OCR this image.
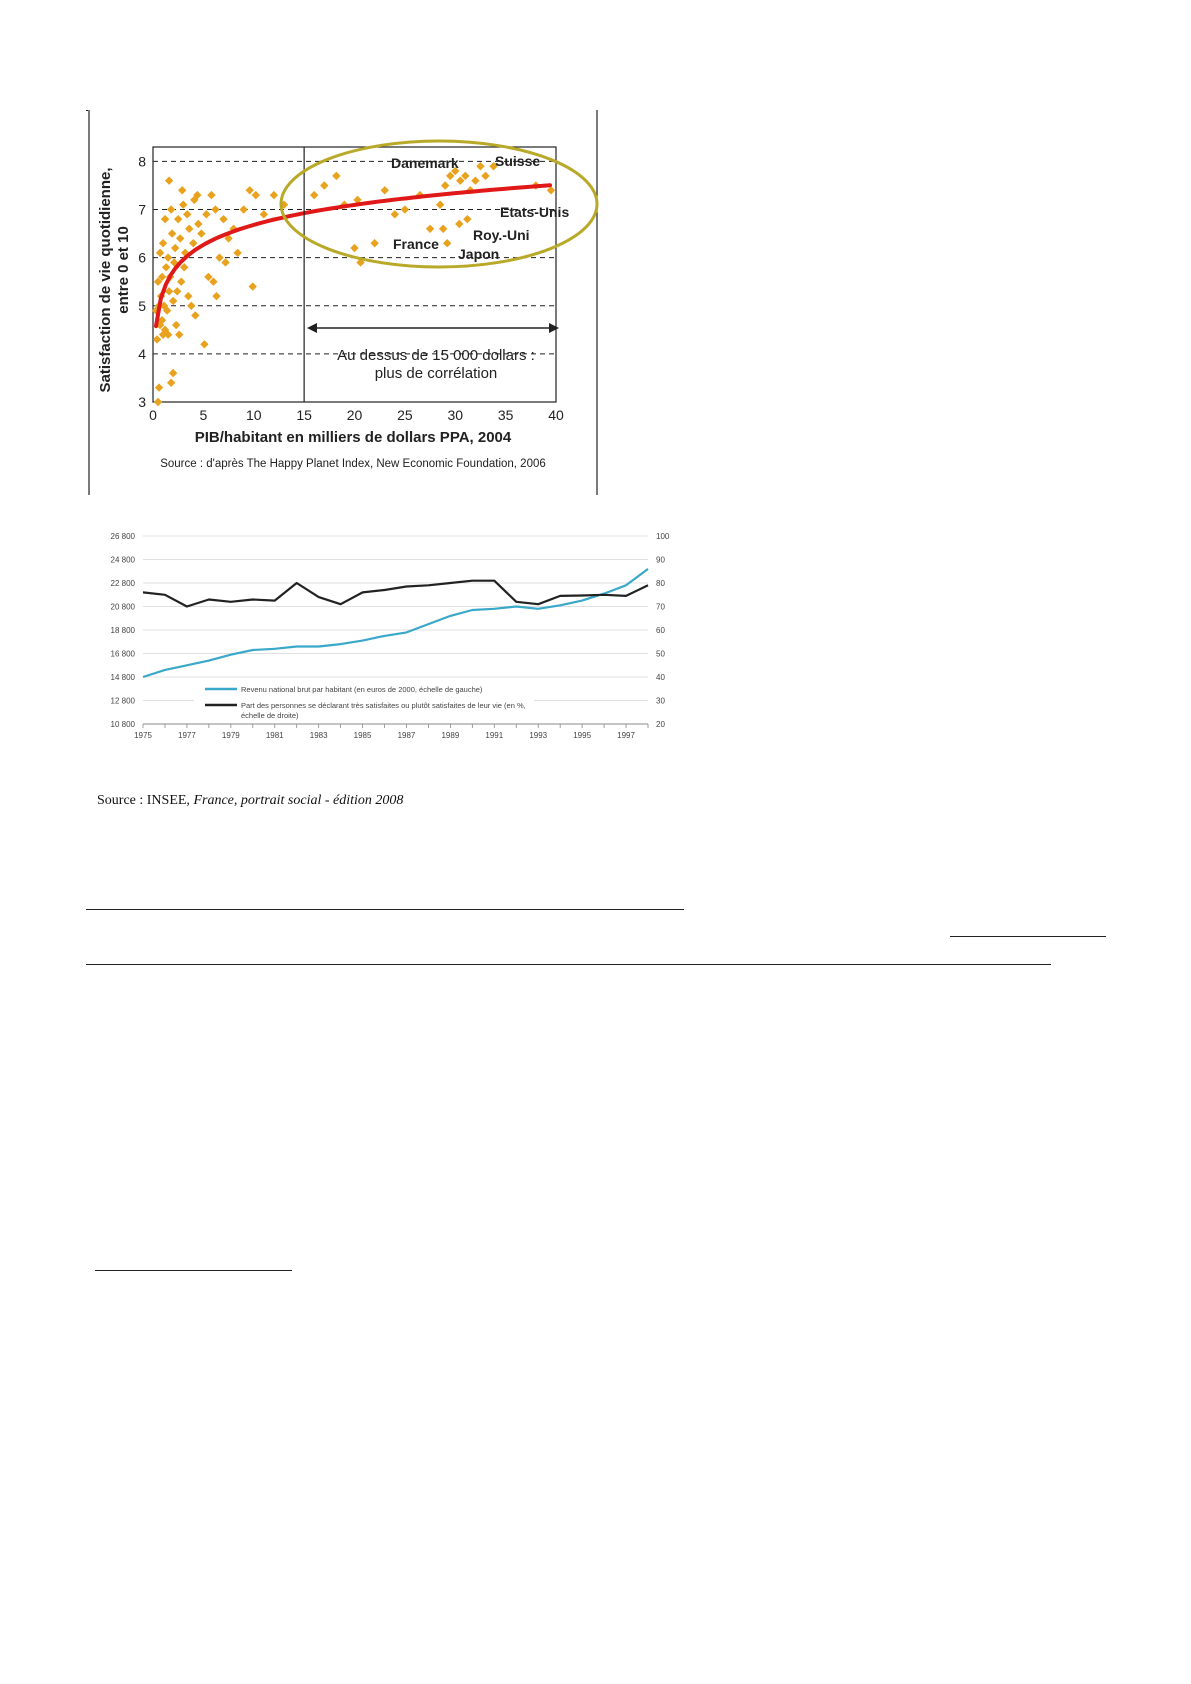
3
4
5
6
7
8
0	5	10 15 20 25 30 35 40
Au dessus de 15 000 dollars :
plus de corrélation
Danemark	Suisse
Etats-Unis
France
Roy.-Uni
Japon
Satisfaction de vie quotidienne, entre 0 et 10
PIB/habitant en milliers de dollars PPA, 2004
Source : d'après The Happy Planet Index, New Economic Foundation, 2006
10 800
12 800
14 800
16 800
18 800
20 800
22 800
24 800
26 800
20
30
40
50
60
70
80
90
100
1975	1977	1979	1981	1983	1985	1987	1989	1991	1993	1995	1997
Revenu national brut par habitant (en euros de 2000, échelle de gauche)
Part des personnes se déclarant très satisfaites ou plutôt satisfaites de leur vie (en %,
échelle de droite)
Source : INSEE, France, portrait social - édition 2008
